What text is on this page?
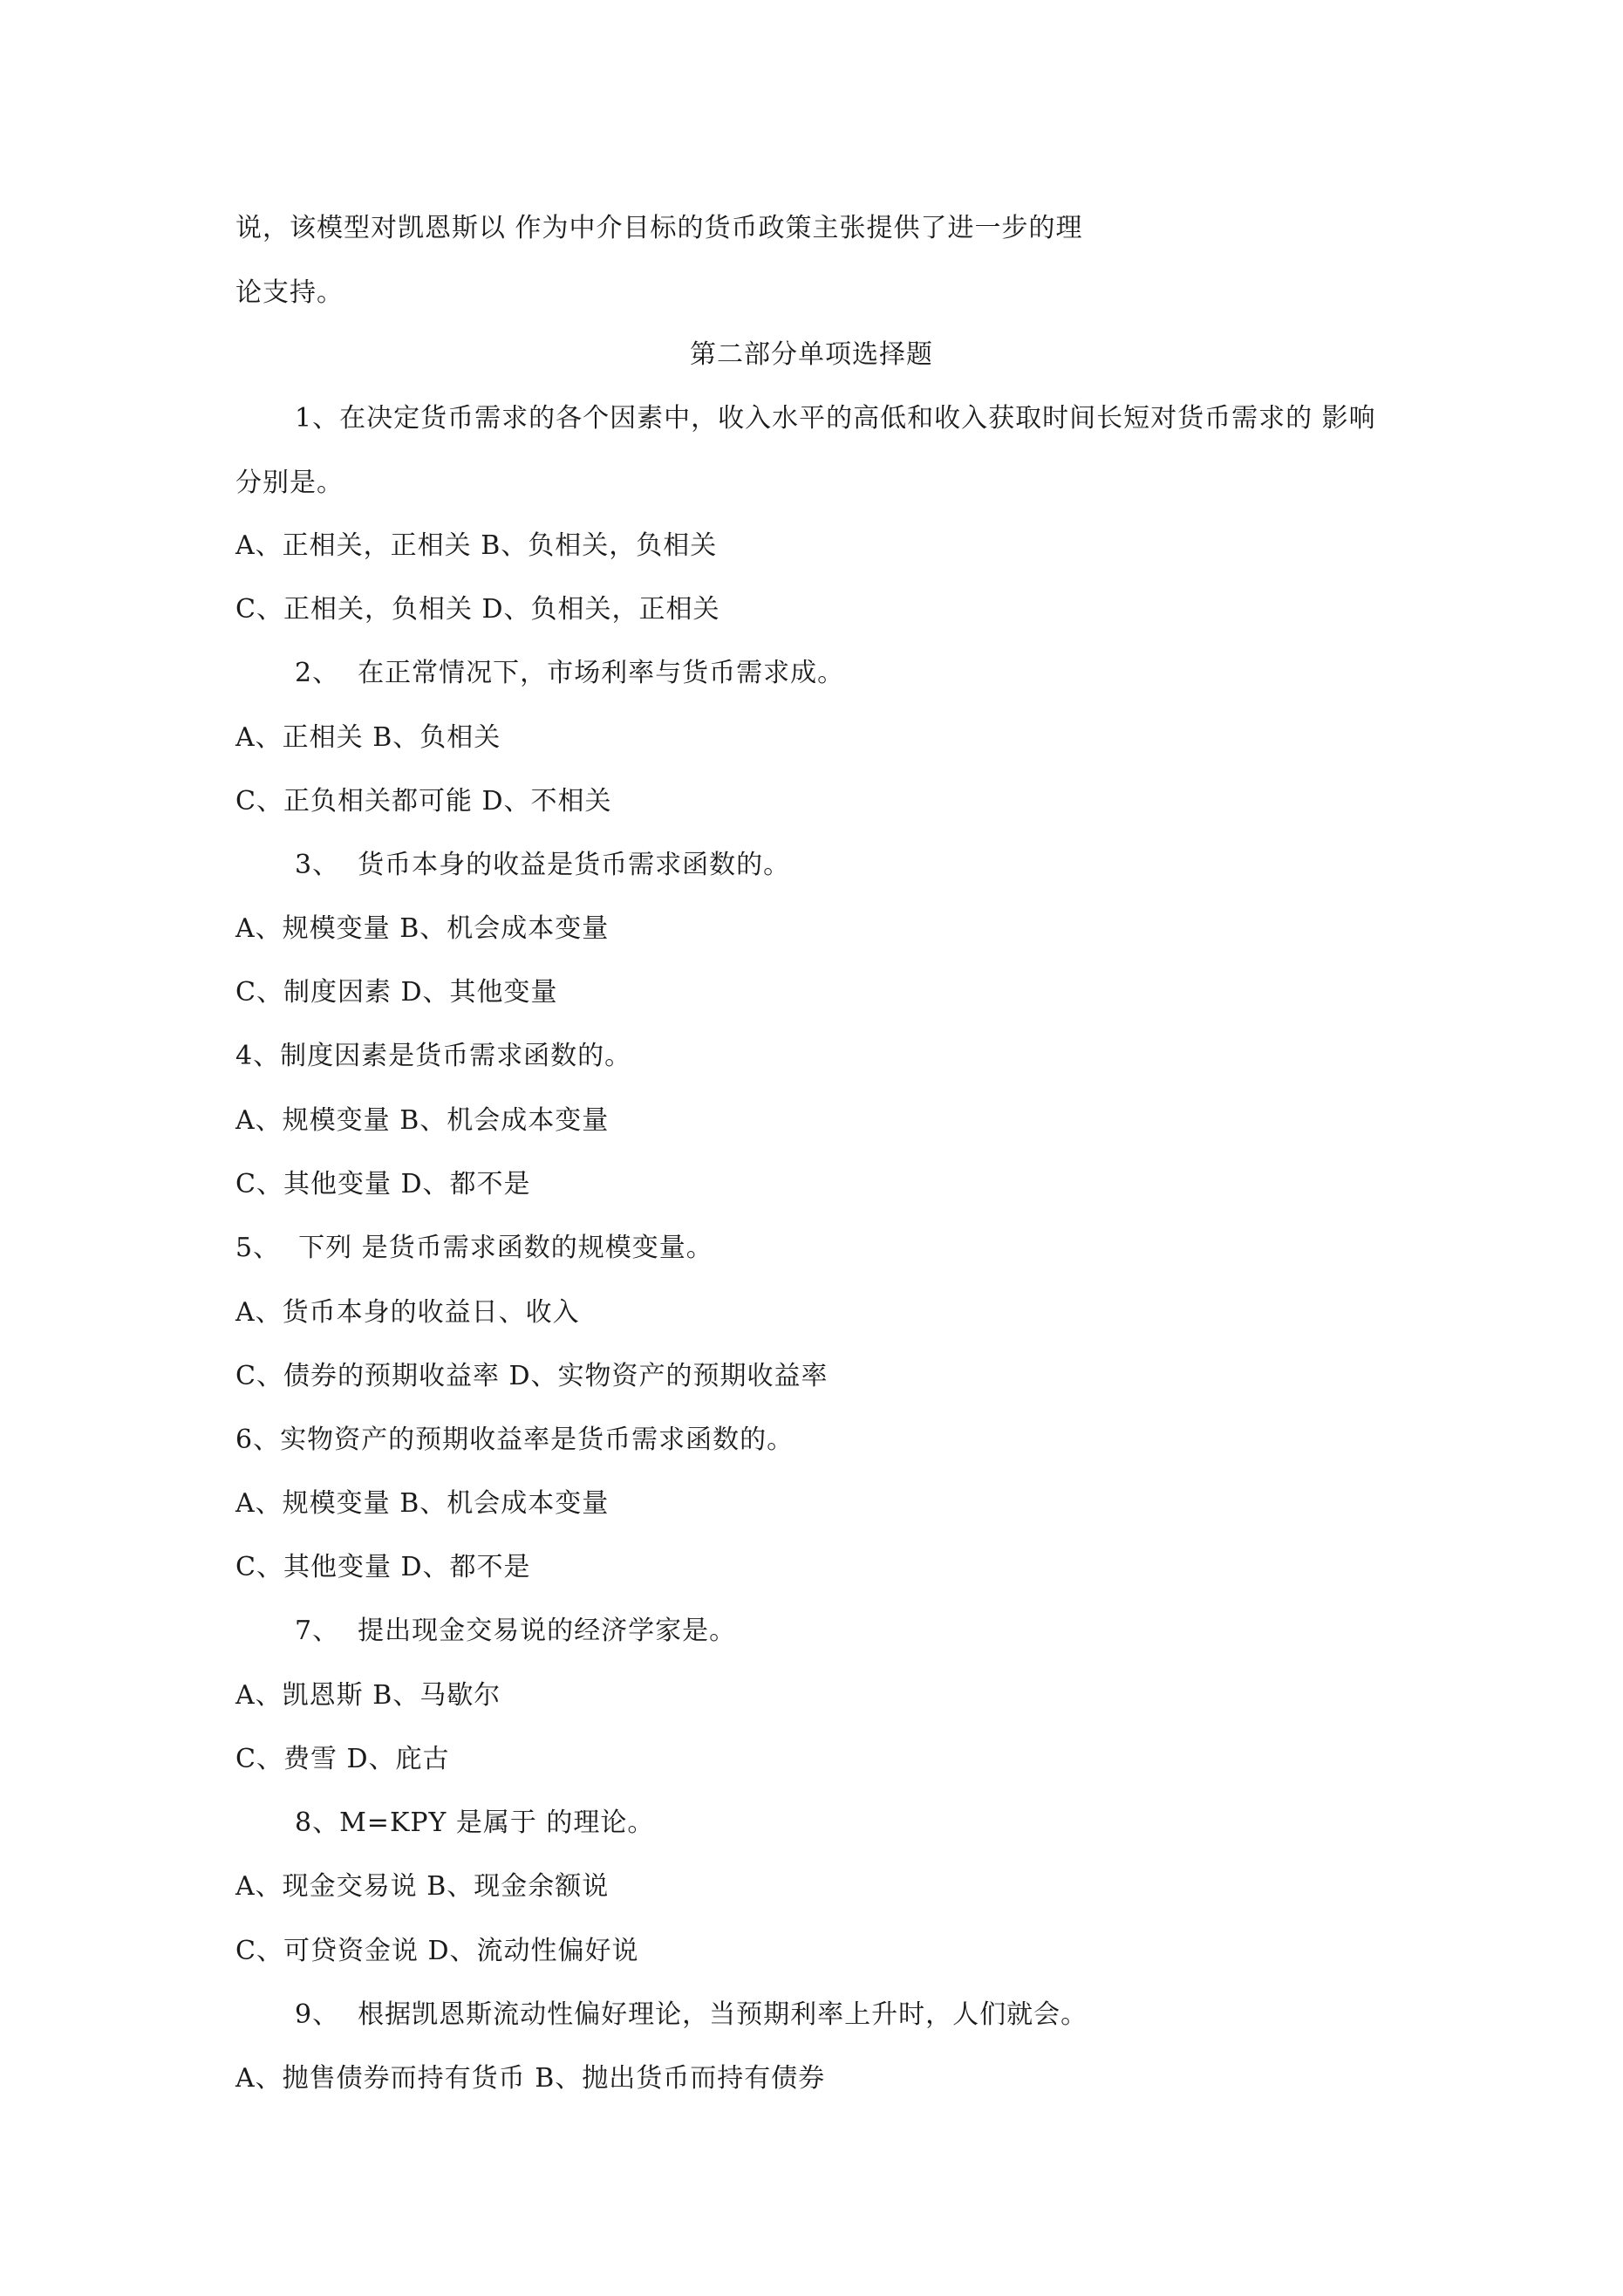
说，该模型对凯恩斯以 作为中介目标的货币政策主张提供了进一步的理
论支持。
第二部分单项选择题
1、在决定货币需求的各个因素中，收入水平的高低和收入获取时间长短对货币需求的 影响
分别是。
A、正相关，正相关 B、负相关，负相关
C、正相关，负相关 D、负相关，正相关
2、  在正常情况下，市场利率与货币需求成。
A、正相关 B、负相关
C、正负相关都可能 D、不相关
3、  货币本身的收益是货币需求函数的。
A、规模变量 B、机会成本变量
C、制度因素 D、其他变量
4、制度因素是货币需求函数的。
A、规模变量 B、机会成本变量
C、其他变量 D、都不是
5、  下列 是货币需求函数的规模变量。
A、货币本身的收益日、收入
C、债券的预期收益率 D、实物资产的预期收益率
6、实物资产的预期收益率是货币需求函数的。
A、规模变量 B、机会成本变量
C、其他变量 D、都不是
7、  提出现金交易说的经济学家是。
A、凯恩斯 B、马歇尔
C、费雪 D、庇古
8、M=KPY 是属于 的理论。
A、现金交易说 B、现金余额说
C、可贷资金说 D、流动性偏好说
9、  根据凯恩斯流动性偏好理论，当预期利率上升时，人们就会。
A、抛售债券而持有货币 B、抛出货币而持有债券
